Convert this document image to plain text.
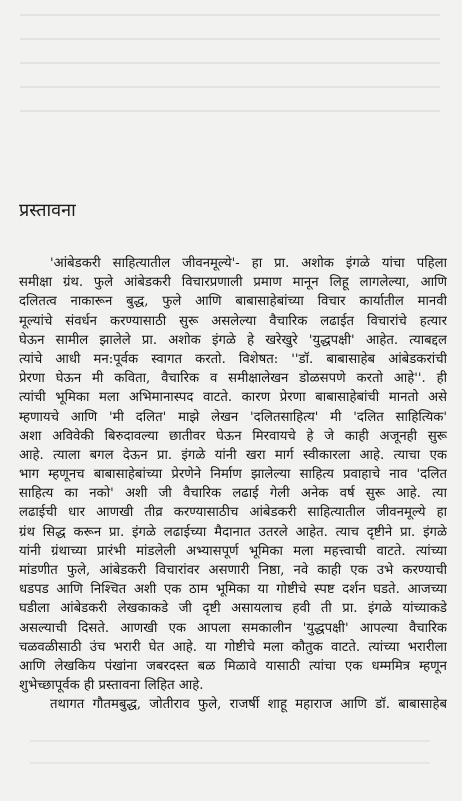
प्रस्तावना
'आंबेडकरी साहित्यातील जीवनमूल्ये'- हा प्रा. अशोक इंगळे यांचा पहिला
समीक्षा ग्रंथ. फुले आंबेडकरी विचारप्रणाली प्रमाण मानून लिहू लागलेल्या, आणि
दलितत्व नाकारून बुद्ध, फुले आणि बाबासाहेबांच्या विचार कार्यातील मानवी
मूल्यांचे संवर्धन करण्यासाठी सुरू असलेल्या वैचारिक लढाईत विचारांचे हत्यार
घेऊन सामील झालेले प्रा. अशोक इंगळे हे खरेखुरे 'युद्धपक्षी' आहेत. त्याबद्दल
त्यांचे आधी मन:पूर्वक स्वागत करतो. विशेषत: ''डॉ. बाबासाहेब आंबेडकरांची
प्रेरणा घेऊन मी कविता, वैचारिक व समीक्षालेखन डोळसपणे करतो आहे''. ही
त्यांची भूमिका मला अभिमानास्पद वाटते. कारण प्रेरणा बाबासाहेबांची मानतो असे
म्हणायचे आणि 'मी दलित' माझे लेखन 'दलितसाहित्य' मी 'दलित साहित्यिक'
अशा अविवेकी बिरुदावल्या छातीवर घेऊन मिरवायचे हे जे काही अजूनही सुरू
आहे. त्याला बगल देऊन प्रा. इंगळे यांनी खरा मार्ग स्वीकारला आहे. त्याचा एक
भाग म्हणूनच बाबासाहेबांच्या प्रेरणेने निर्माण झालेल्या साहित्य प्रवाहाचे नाव 'दलित
साहित्य का नको' अशी जी वैचारिक लढाई गेली अनेक वर्ष सुरू आहे. त्या
लढाईची धार आणखी तीव्र करण्यासाठीच आंबेडकरी साहित्यातील जीवनमूल्ये हा
ग्रंथ सिद्ध करून प्रा. इंगळे लढाईच्या मैदानात उतरले आहेत. त्याच दृष्टीने प्रा. इंगळे
यांनी ग्रंथाच्या प्रारंभी मांडलेली अभ्यासपूर्ण भूमिका मला महत्त्वाची वाटते. त्यांच्या
मांडणीत फुले, आंबेडकरी विचारांवर असणारी निष्ठा, नवे काही एक उभे करण्याची
धडपड आणि निश्चित अशी एक ठाम भूमिका या गोष्टीचे स्पष्ट दर्शन घडते. आजच्या
घडीला आंबेडकरी लेखकाकडे जी दृष्टी असायलाच हवी ती प्रा. इंगळे यांच्याकडे
असल्याची दिसते. आणखी एक आपला समकालीन 'युद्धपक्षी' आपल्या वैचारिक
चळवळीसाठी उंच भरारी घेत आहे. या गोष्टीचे मला कौतुक वाटते. त्यांच्या भरारीला
आणि लेखकिय पंखांना जबरदस्त बळ मिळावे यासाठी त्यांचा एक धम्ममित्र म्हणून
शुभेच्छापूर्वक ही प्रस्तावना लिहित आहे.
तथागत गौतमबुद्ध, जोतीराव फुले, राजर्षी शाहू महाराज आणि डॉ. बाबासाहेब
